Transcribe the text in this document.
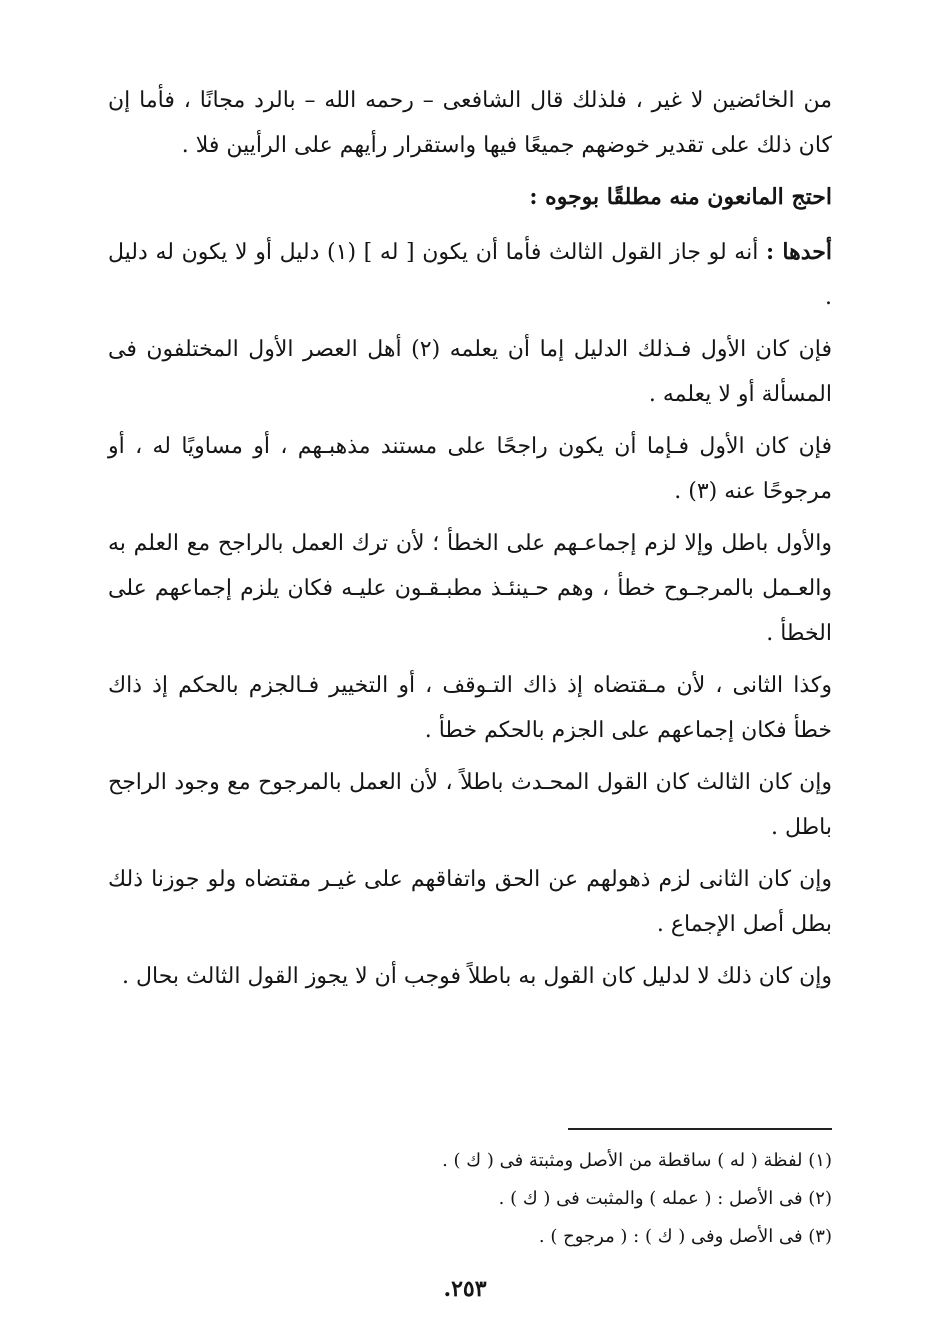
من الخائضين لا غير ، فلذلك قال الشافعى – رحمه الله – بالرد مجانًا ، فأما إن كان ذلك على تقدير خوضهم جميعًا فيها واستقرار رأيهم على الرأيين فلا .

احتج المانعون منه مطلقًا بوجوه :

أحدها : أنه لو جاز القول الثالث فأما أن يكون [ له ] (١) دليل أو لا يكون له دليل .

فإن كان الأول فـذلك الدليل إما أن يعلمه (٢) أهل العصر الأول المختلفون فى المسألة أو لا يعلمه .

فإن كان الأول فـإما أن يكون راجحًا على مستند مذهبـهم ، أو مساويًا له ، أو مرجوحًا عنه (٣) .

والأول باطل وإلا لزم إجماعـهم على الخطأ ؛ لأن ترك العمل بالراجح مع العلم به والعـمل بالمرجـوح خطأ ، وهم حـينئـذ مطبـقـون عليـه فكان يلزم إجماعهم على الخطأ .

وكذا الثانى ، لأن مـقتضاه إذ ذاك التـوقف ، أو التخيير فـالجزم بالحكم إذ ذاك خطأ فكان إجماعهم على الجزم بالحكم خطأ .

وإن كان الثالث كان القول المحـدث باطلاً ، لأن العمل بالمرجوح مع وجود الراجح باطل .

وإن كان الثانى لزم ذهولهم عن الحق واتفاقهم على غيـر مقتضاه ولو جوزنا ذلك بطل أصل الإجماع .

وإن كان ذلك لا لدليل كان القول به باطلاً فوجب أن لا يجوز القول الثالث بحال .

(١) لفظة ( له ) ساقطة من الأصل ومثبتة فى ( ك ) .

(٢) فى الأصل : ( عمله ) والمثبت فى ( ك ) .

(٣) فى الأصل وفى ( ك ) : ( مرجوح ) .

٢٥٣.
